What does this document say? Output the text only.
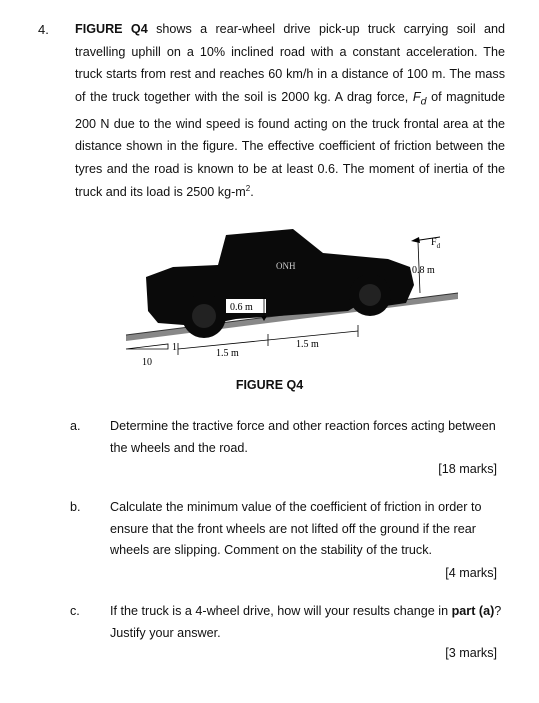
4. FIGURE Q4 shows a rear-wheel drive pick-up truck carrying soil and travelling uphill on a 10% inclined road with a constant acceleration. The truck starts from rest and reaches 60 km/h in a distance of 100 m. The mass of the truck together with the soil is 2000 kg. A drag force, $F_d$ of magnitude 200 N due to the wind speed is found acting on the truck frontal area at the distance shown in the figure. The effective coefficient of friction between the tyres and the road is known to be at least 0.6. The moment of inertia of the truck and its load is 2500 $kg-m^2$.
ONH
$F_d$
0.8 m
0.6 m
1.5 m
1.5 m
1
10
FIGURE Q4
a. Determine the tractive force and other reaction forces acting between the wheels and the road.
[18 marks]
b. Calculate the minimum value of the coefficient of friction in order to ensure that the front wheels are not lifted off the ground if the rear wheels are slipping. Comment on the stability of the truck.
[4 marks]
c. If the truck is a 4-wheel drive, how will your results change in part (a)? Justify your answer.
[3 marks]
